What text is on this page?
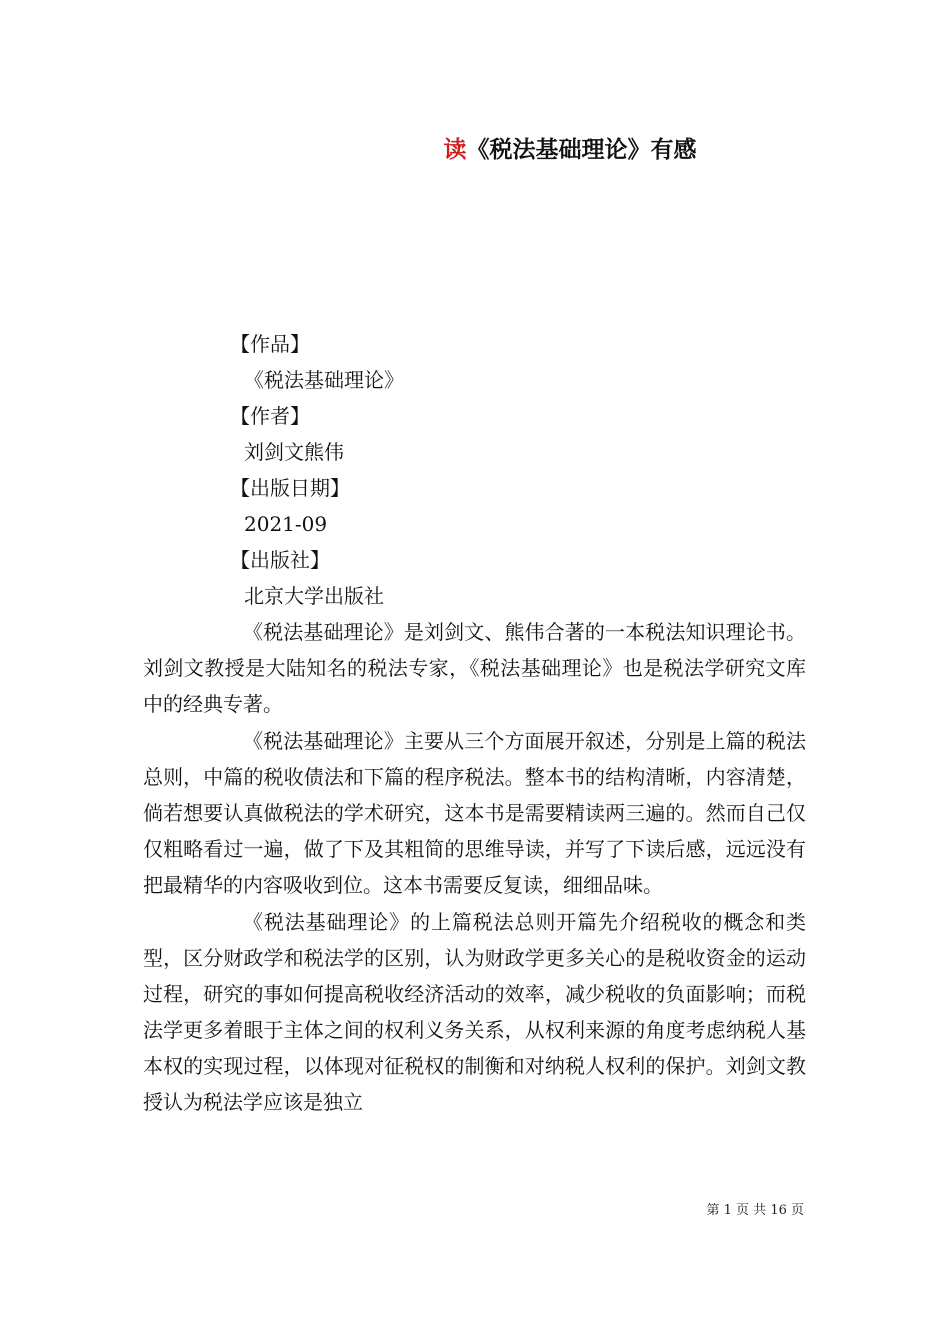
读《税法基础理论》有感
【作品】
《税法基础理论》
【作者】
刘剑文熊伟
【出版日期】
2021-09
【出版社】
北京大学出版社

《税法基础理论》是刘剑文、熊伟合著的一本税法知识理论书。刘剑文教授是大陆知名的税法专家，《税法基础理论》也是税法学研究文库中的经典专著。

《税法基础理论》主要从三个方面展开叙述，分别是上篇的税法总则，中篇的税收债法和下篇的程序税法。整本书的结构清晰，内容清楚，倘若想要认真做税法的学术研究，这本书是需要精读两三遍的。然而自己仅仅粗略看过一遍，做了下及其粗简的思维导读，并写了下读后感，远远没有把最精华的内容吸收到位。这本书需要反复读，细细品味。

《税法基础理论》的上篇税法总则开篇先介绍税收的概念和类型，区分财政学和税法学的区别，认为财政学更多关心的是税收资金的运动过程，研究的事如何提高税收经济活动的效率，减少税收的负面影响；而税法学更多着眼于主体之间的权利义务关系，从权利来源的角度考虑纳税人基本权的实现过程，以体现对征税权的制衡和对纳税人权利的保护。刘剑文教授认为税法学应该是独立

第 1 页 共 16 页
